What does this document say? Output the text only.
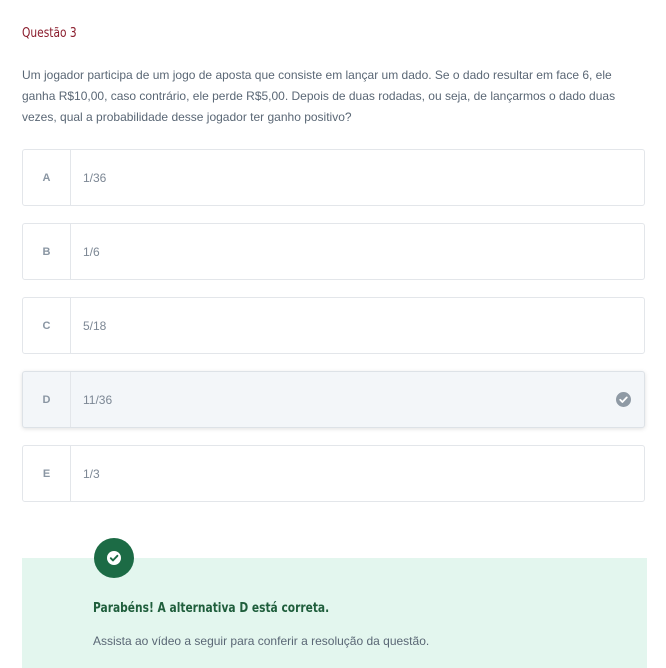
Questão 3
Um jogador participa de um jogo de aposta que consiste em lançar um dado. Se o dado resultar em face 6, ele ganha R$10,00, caso contrário, ele perde R$5,00. Depois de duas rodadas, ou seja, de lançarmos o dado duas vezes, qual a probabilidade desse jogador ter ganho positivo?
A	1/36
B	1/6
C	5/18
D	11/36
E	1/3
Parabéns! A alternativa D está correta.
Assista ao vídeo a seguir para conferir a resolução da questão.
